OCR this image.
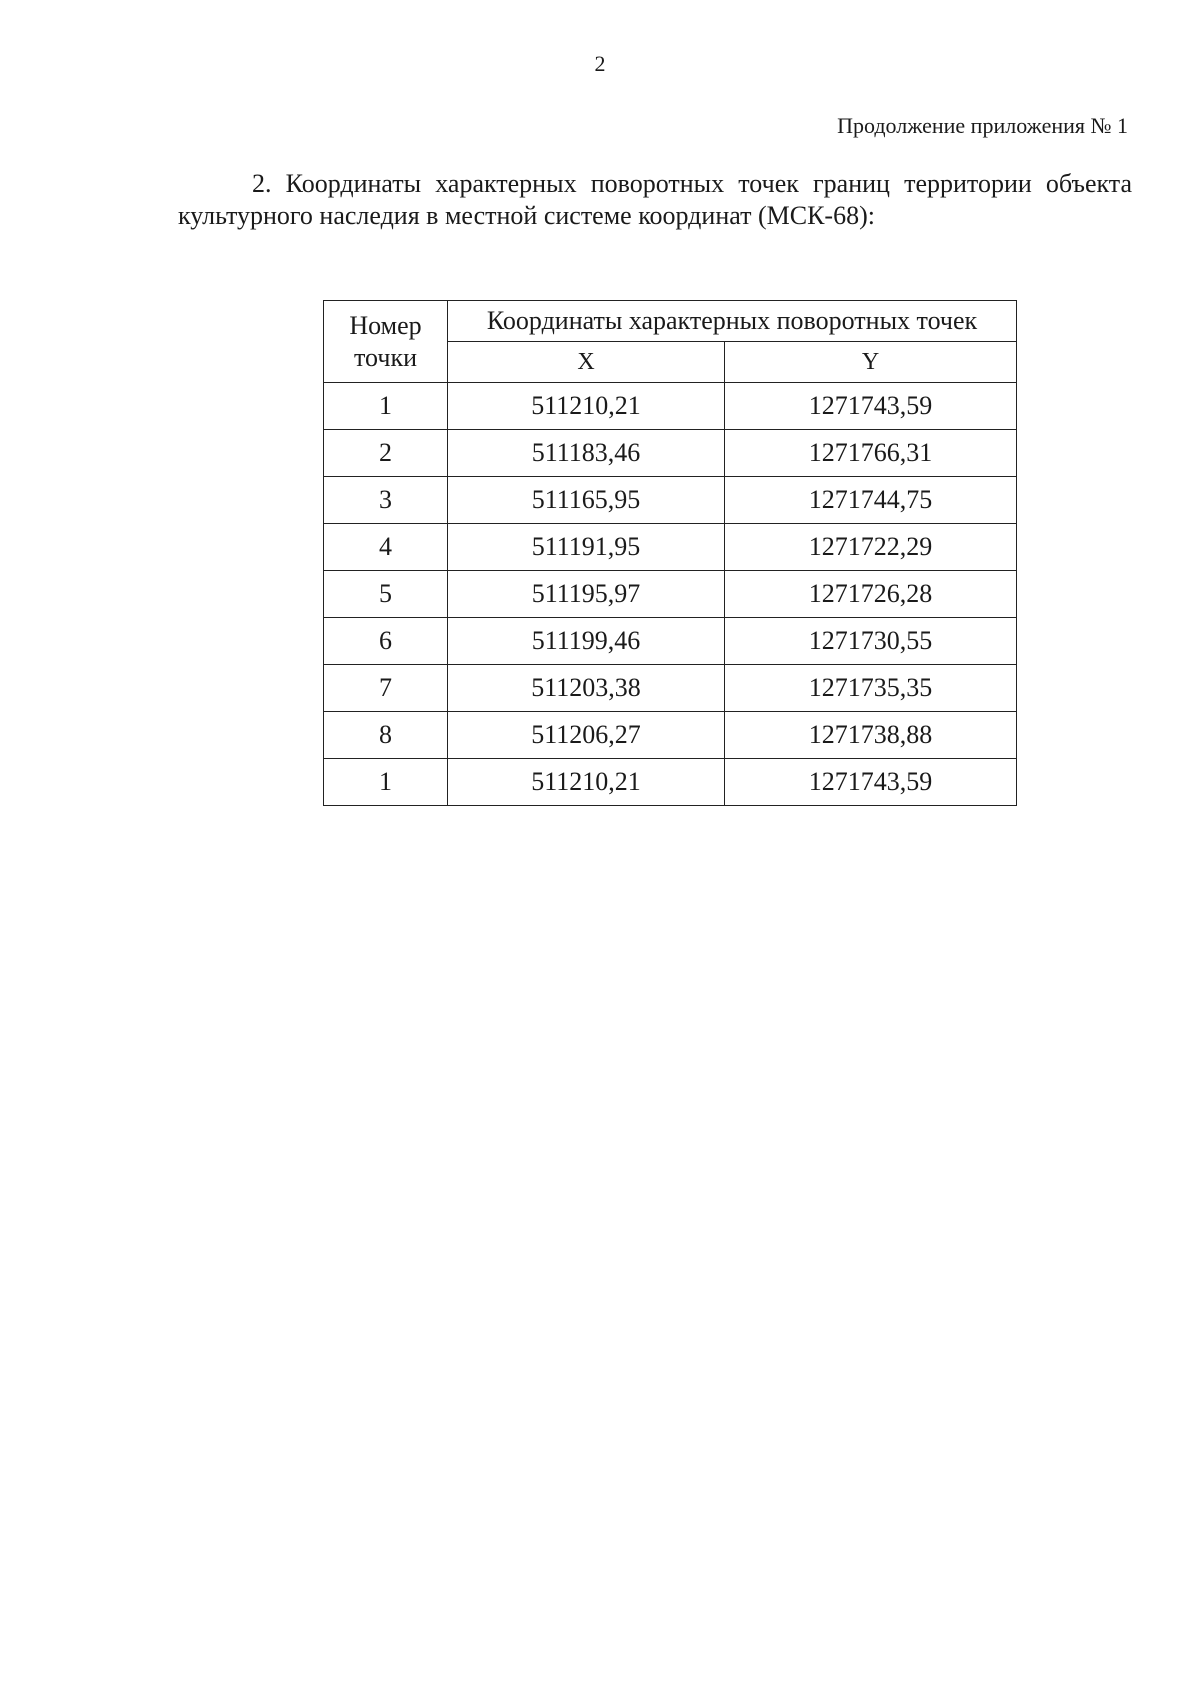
2
Продолжение приложения № 1

2. Координаты характерных поворотных точек границ территории объекта культурного наследия в местной системе координат (МСК-68):

Номер точки	Координаты характерных поворотных точек	
	X	Y
1	511210,21	1271743,59
2	511183,46	1271766,31
3	511165,95	1271744,75
4	511191,95	1271722,29
5	511195,97	1271726,28
6	511199,46	1271730,55
7	511203,38	1271735,35
8	511206,27	1271738,88
1	511210,21	1271743,59
